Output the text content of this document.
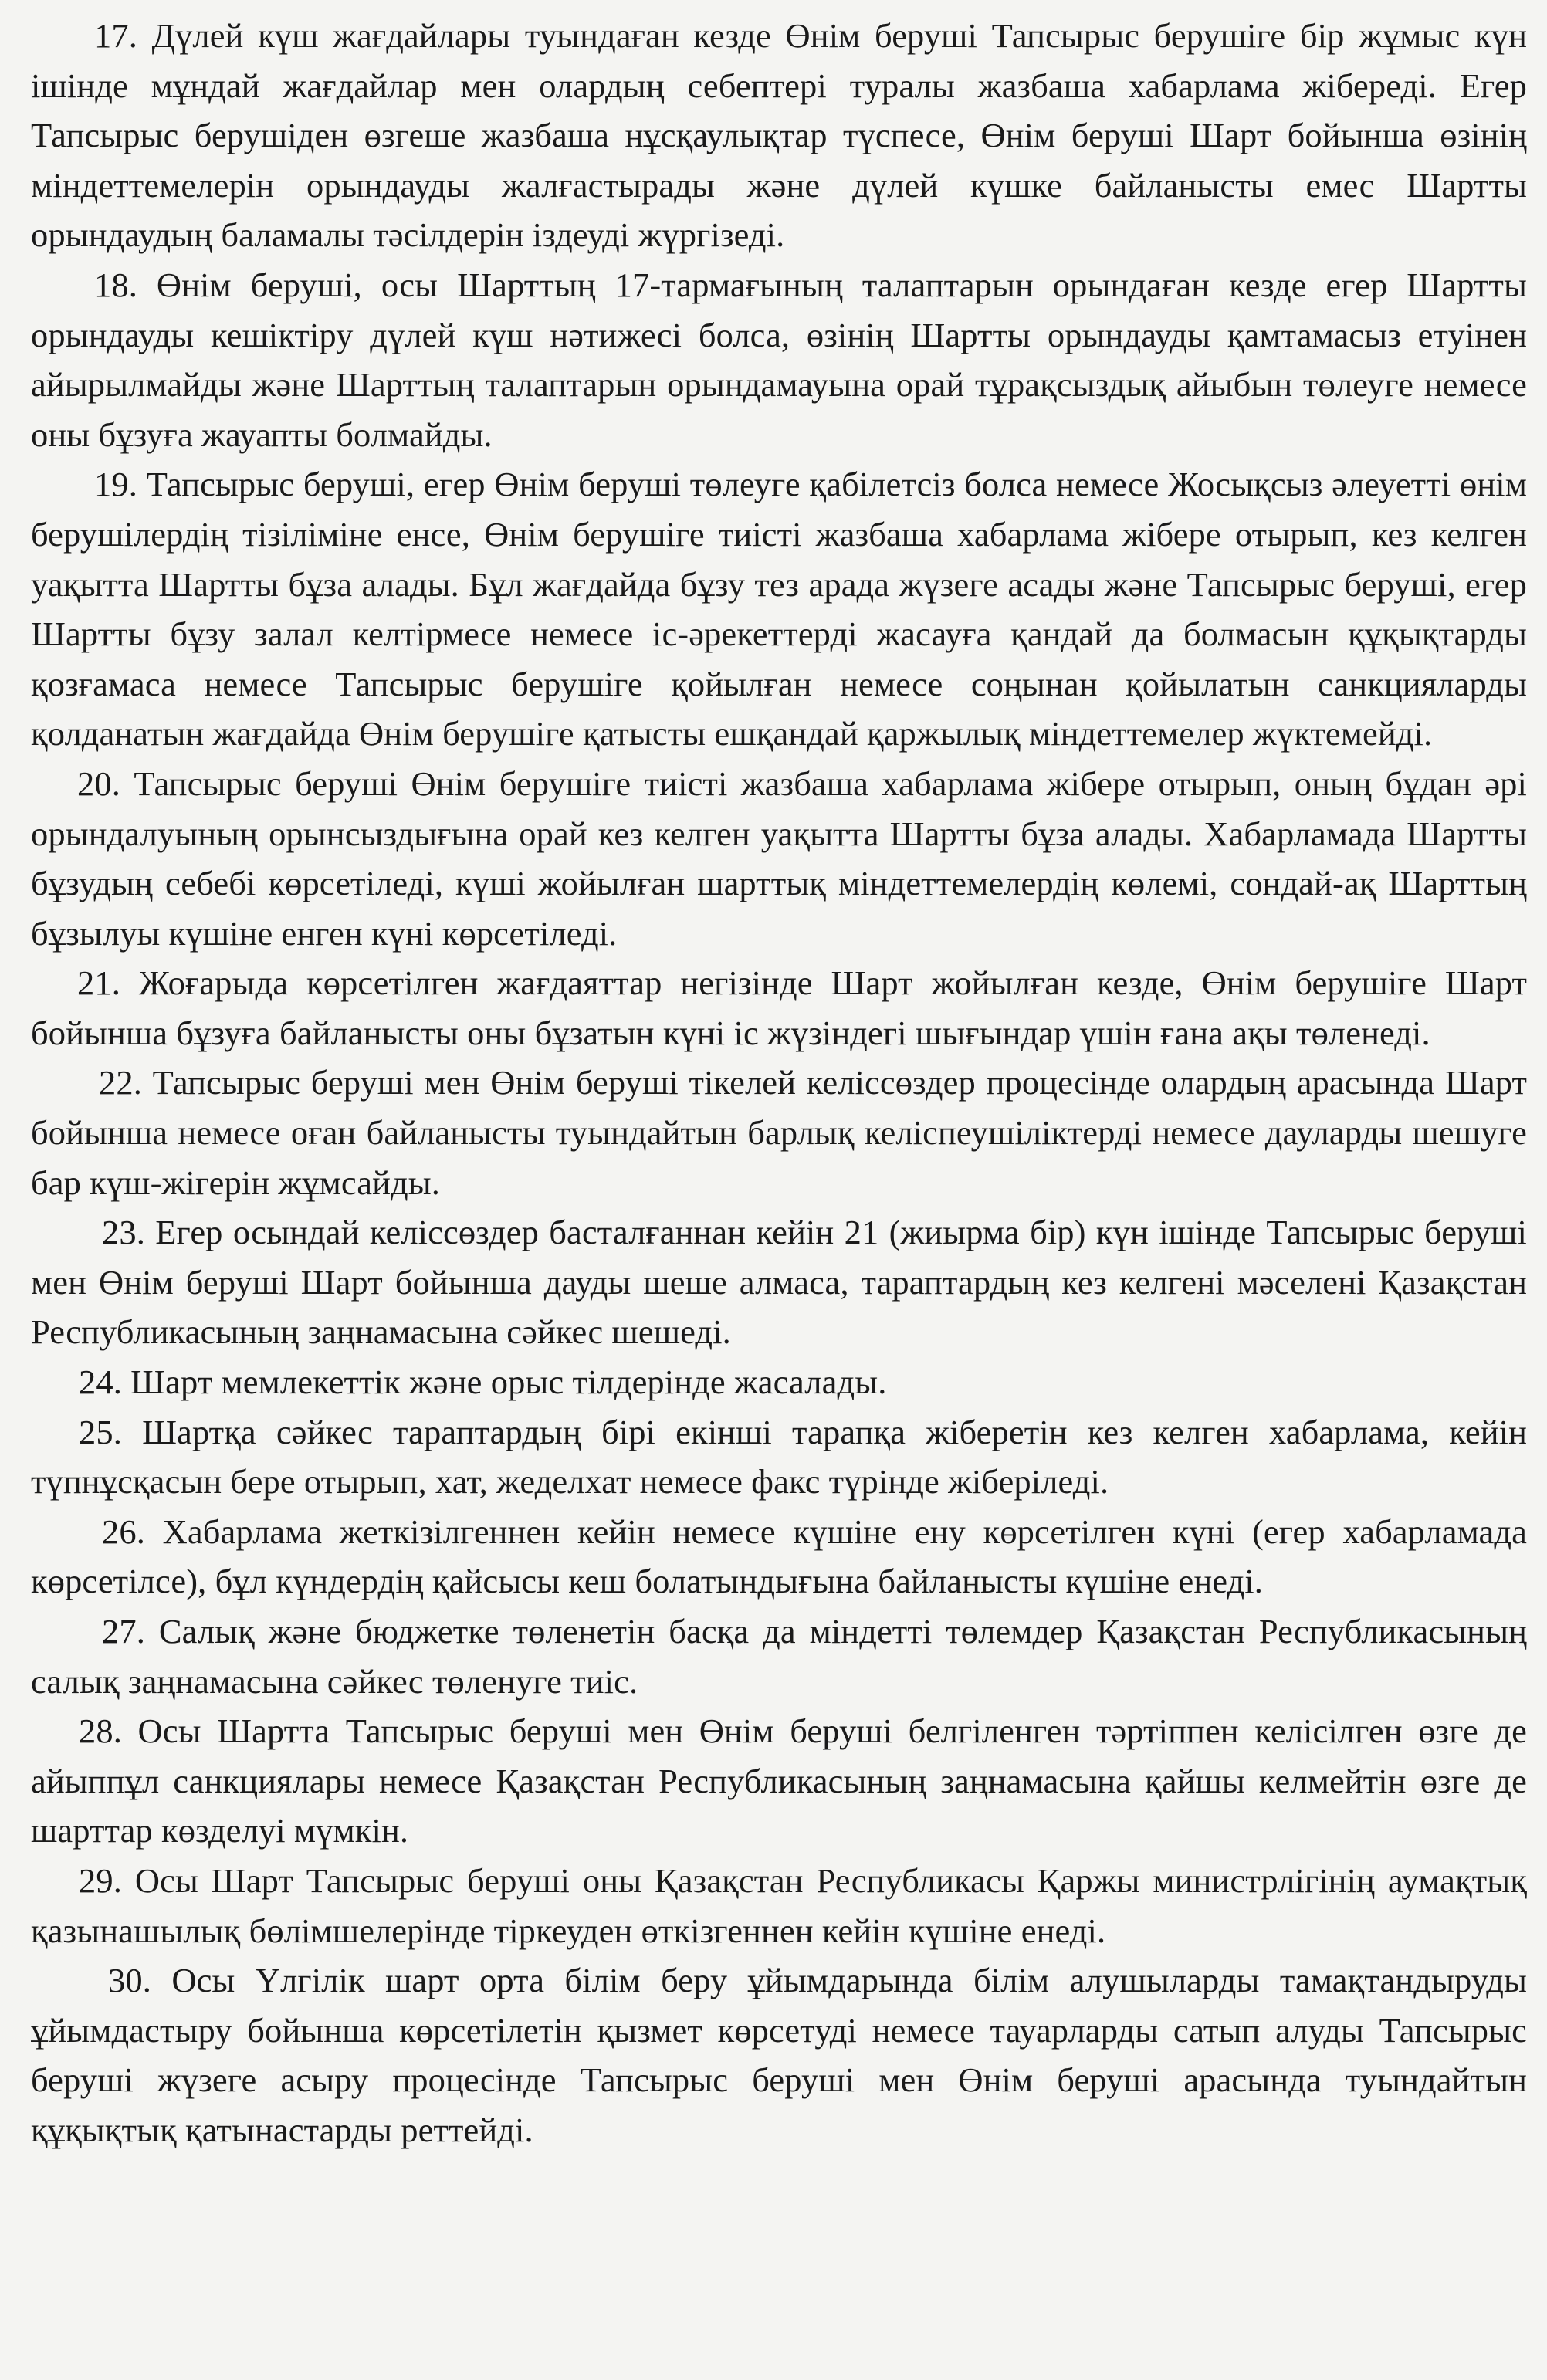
17. Дүлей күш жағдайлары туындаған кезде Өнім беруші Тапсырыс берушіге бір жұмыс күн ішінде мұндай жағдайлар мен олардың себептері туралы жазбаша хабарлама жібереді. Егер Тапсырыс берушіден өзгеше жазбаша нұсқаулықтар түспесе, Өнім беруші Шарт бойынша өзінің міндеттемелерін орындауды жалғастырады және дүлей күшке байланысты емес Шартты орындаудың баламалы тәсілдерін іздеуді жүргізеді.

18. Өнім беруші, осы Шарттың 17-тармағының талаптарын орындаған кезде егер Шартты орындауды кешіктіру дүлей күш нәтижесі болса, өзінің Шартты орындауды қамтамасыз етуінен айырылмайды және Шарттың талаптарын орындамауына орай тұрақсыздық айыбын төлеуге немесе оны бұзуға жауапты болмайды.

19. Тапсырыс беруші, егер Өнім беруші төлеуге қабілетсіз болса немесе Жосықсыз әлеуетті өнім берушілердің тізіліміне енсе, Өнім берушіге тиісті жазбаша хабарлама жібере отырып, кез келген уақытта Шартты бұза алады. Бұл жағдайда бұзу тез арада жүзеге асады және Тапсырыс беруші, егер Шартты бұзу залал келтірмесе немесе іс-әрекеттерді жасауға қандай да болмасын құқықтарды қозғамаса немесе Тапсырыс берушіге қойылған немесе соңынан қойылатын санкцияларды қолданатын жағдайда Өнім берушіге қатысты ешқандай қаржылық міндеттемелер жүктемейді.

20. Тапсырыс беруші Өнім берушіге тиісті жазбаша хабарлама жібере отырып, оның бұдан әрі орындалуының орынсыздығына орай кез келген уақытта Шартты бұза алады. Хабарламада Шартты бұзудың себебі көрсетіледі, күші жойылған шарттық міндеттемелердің көлемі, сондай-ақ Шарттың бұзылуы күшіне енген күні көрсетіледі.

21. Жоғарыда көрсетілген жағдаяттар негізінде Шарт жойылған кезде, Өнім берушіге Шарт бойынша бұзуға байланысты оны бұзатын күні іс жүзіндегі шығындар үшін ғана ақы төленеді.

22. Тапсырыс беруші мен Өнім беруші тікелей келіссөздер процесінде олардың арасында Шарт бойынша немесе оған байланысты туындайтын барлық келіспеушіліктерді немесе дауларды шешуге бар күш-жігерін жұмсайды.

23. Егер осындай келіссөздер басталғаннан кейін 21 (жиырма бір) күн ішінде Тапсырыс беруші мен Өнім беруші Шарт бойынша дауды шеше алмаса, тараптардың кез келгені мәселені Қазақстан Республикасының заңнамасына сәйкес шешеді.

24. Шарт мемлекеттік және орыс тілдерінде жасалады.

25. Шартқа сәйкес тараптардың бірі екінші тарапқа жіберетін кез келген хабарлама, кейін түпнұсқасын бере отырып, хат, жеделхат немесе факс түрінде жіберіледі.

26. Хабарлама жеткізілгеннен кейін немесе күшіне ену көрсетілген күні (егер хабарламада көрсетілсе), бұл күндердің қайсысы кеш болатындығына байланысты күшіне енеді.

27. Салық және бюджетке төленетін басқа да міндетті төлемдер Қазақстан Республикасының салық заңнамасына сәйкес төленуге тиіс.

28. Осы Шартта Тапсырыс беруші мен Өнім беруші белгіленген тәртіппен келісілген өзге де айыппұл санкциялары немесе Қазақстан Республикасының заңнамасына қайшы келмейтін өзге де шарттар көзделуі мүмкін.

29. Осы Шарт Тапсырыс беруші оны Қазақстан Республикасы Қаржы министрлігінің аумақтық қазынашылық бөлімшелерінде тіркеуден өткізгеннен кейін күшіне енеді.

30. Осы Үлгілік шарт орта білім беру ұйымдарында білім алушыларды тамақтандыруды ұйымдастыру бойынша көрсетілетін қызмет көрсетуді немесе тауарларды сатып алуды Тапсырыс беруші жүзеге асыру процесінде Тапсырыс беруші мен Өнім беруші арасында туындайтын құқықтық қатынастарды реттейді.
